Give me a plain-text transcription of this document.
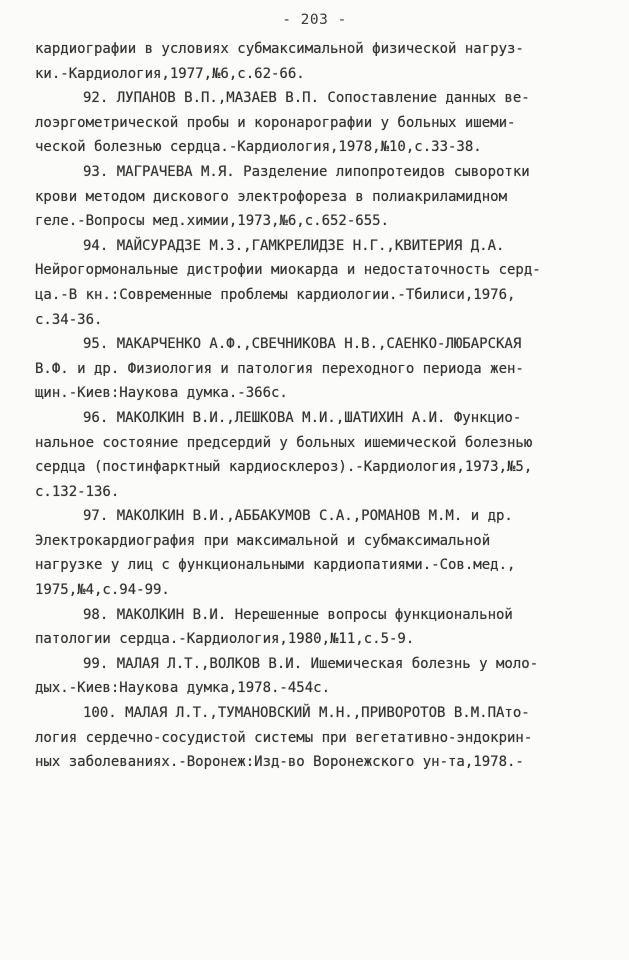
- 203 -
кардиографии в условиях субмаксимальной физической нагруз-
ки.-Кардиология,1977,№6,с.62-66.
92. ЛУПАНОВ В.П.,МАЗАЕВ В.П. Сопоставление данных ве-
лоэргометрической пробы и коронарографии у больных ишеми-
ческой болезнью сердца.-Кардиология,1978,№10,с.33-38.
93. МАГРАЧЕВА М.Я. Разделение липопротеидов сыворотки
крови методом дискового электрофореза в полиакриламидном
геле.-Вопросы мед.химии,1973,№6,с.652-655.
94. МАЙСУРАДЗЕ М.З.,ГАМКРЕЛИДЗЕ Н.Г.,КВИТЕРИЯ Д.А.
Нейрогормональные дистрофии миокарда и недостаточность серд-
ца.-В кн.:Современные проблемы кардиологии.-Тбилиси,1976,
с.34-36.
95. МАКАРЧЕНКО А.Ф.,СВЕЧНИКОВА Н.В.,САЕНКО-ЛЮБАРСКАЯ
В.Ф. и др. Физиология и патология переходного периода жен-
щин.-Киев:Наукова думка.-366с.
96. МАКОЛКИН В.И.,ЛЕШКОВА М.И.,ШАТИХИН А.И. Функцио-
нальное состояние предсердий у больных ишемической болезнью
сердца (постинфарктный кардиосклероз).-Кардиология,1973,№5,
с.132-136.
97. МАКОЛКИН В.И.,АББАКУМОВ С.А.,РОМАНОВ М.М. и др.
Электрокардиография при максимальной и субмаксимальной
нагрузке у лиц с функциональными кардиопатиями.-Сов.мед.,
1975,№4,с.94-99.
98. МАКОЛКИН В.И. Нерешенные вопросы функциональной
патологии сердца.-Кардиология,1980,№11,с.5-9.
99. МАЛАЯ Л.Т.,ВОЛКОВ В.И. Ишемическая болезнь у моло-
дых.-Киев:Наукова думка,1978.-454с.
100. МАЛАЯ Л.Т.,ТУМАНОВСКИЙ М.Н.,ПРИВОРОТОВ В.М.ПАто-
логия сердечно-сосудистой системы при вегетативно-эндокрин-
ных заболеваниях.-Воронеж:Изд-во Воронежского ун-та,1978.-
